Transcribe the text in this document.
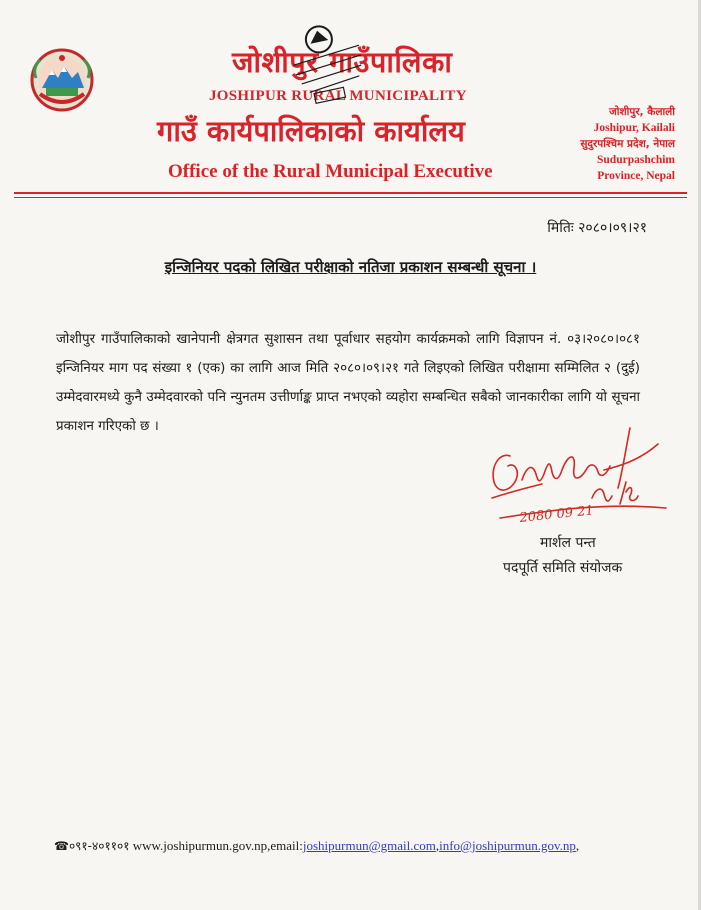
जोशीपुर गाउँपालिका
JOSHIPUR RURAL MUNICIPALITY
गाउँ कार्यपालिकाको कार्यालय
Office of the Rural Municipal Executive
जोशीपुर, कैलाली
Joshipur, Kailali
सुदुरपश्चिम प्रदेश, नेपाल
Sudurpashchim
Province, Nepal
मितिः २०८०।०९।२१
इन्जिनियर पदको लिखित परीक्षाको नतिजा प्रकाशन सम्बन्धी सूचना ।
जोशीपुर गाउँपालिकाको खानेपानी क्षेत्रगत सुशासन तथा पूर्वाधार सहयोग कार्यक्रमको लागि विज्ञापन नं. ०३।२०८०।०८१ इन्जिनियर माग पद संख्या १ (एक) का लागि आज मिति २०८०।०९।२१ गते लिइएको लिखित परीक्षामा सम्मिलित २ (दुई) उम्मेदवारमध्ये कुनै उम्मेदवारको पनि न्युनतम उत्तीर्णाङ्क प्राप्त नभएको व्यहोरा सम्बन्धित सबैको जानकारीका लागि यो सूचना प्रकाशन गरिएको छ ।
2080 09 21
मार्शल पन्त
पदपूर्ति समिति संयोजक
☎०९१-४०११०१ www.joshipurmun.gov.np,email:joshipurmun@gmail.com,info@joshipurmun.gov.np,
